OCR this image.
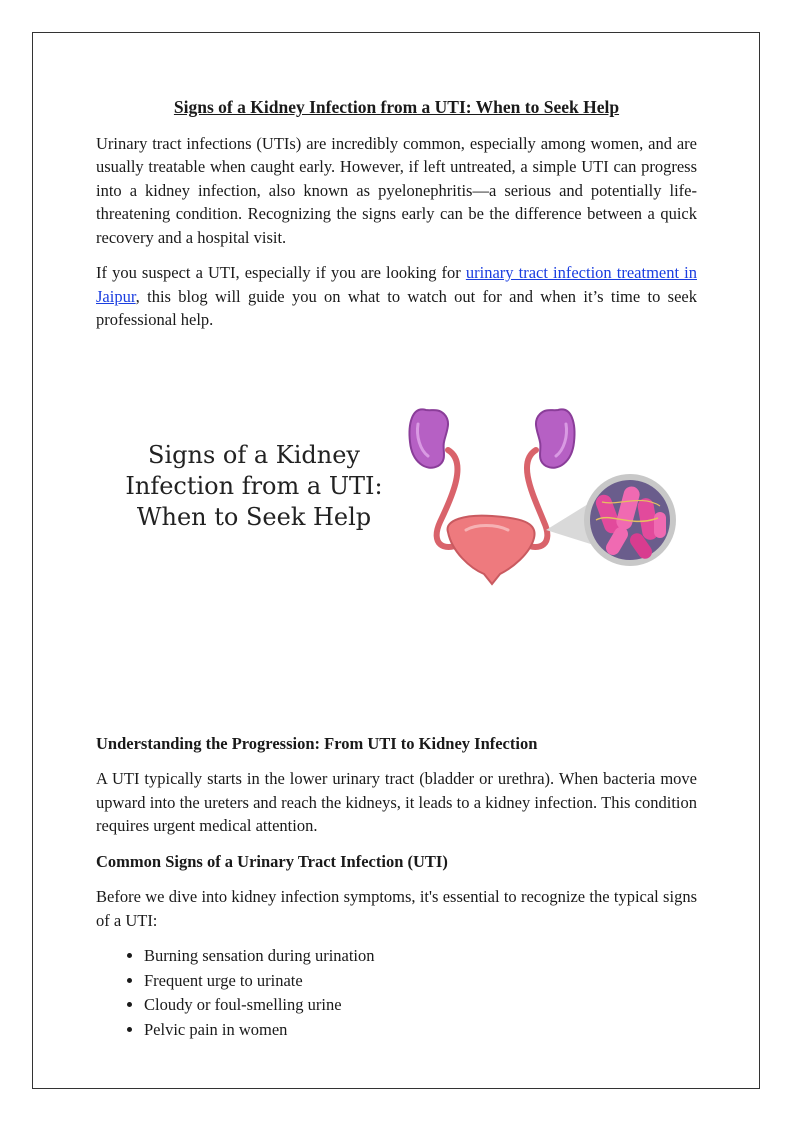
Signs of a Kidney Infection from a UTI: When to Seek Help

Urinary tract infections (UTIs) are incredibly common, especially among women, and are usually treatable when caught early. However, if left untreated, a simple UTI can progress into a kidney infection, also known as pyelonephritis—a serious and potentially life-threatening condition. Recognizing the signs early can be the difference between a quick recovery and a hospital visit.

If you suspect a UTI, especially if you are looking for urinary tract infection treatment in Jaipur, this blog will guide you on what to watch out for and when it’s time to seek professional help.

Signs of a Kidney
Infection from a UTI:
When to Seek Help
Understanding the Progression: From UTI to Kidney Infection

A UTI typically starts in the lower urinary tract (bladder or urethra). When bacteria move upward into the ureters and reach the kidneys, it leads to a kidney infection. This condition requires urgent medical attention.

Common Signs of a Urinary Tract Infection (UTI)

Before we dive into kidney infection symptoms, it's essential to recognize the typical signs of a UTI:

• Burning sensation during urination
• Frequent urge to urinate
• Cloudy or foul-smelling urine
• Pelvic pain in women
